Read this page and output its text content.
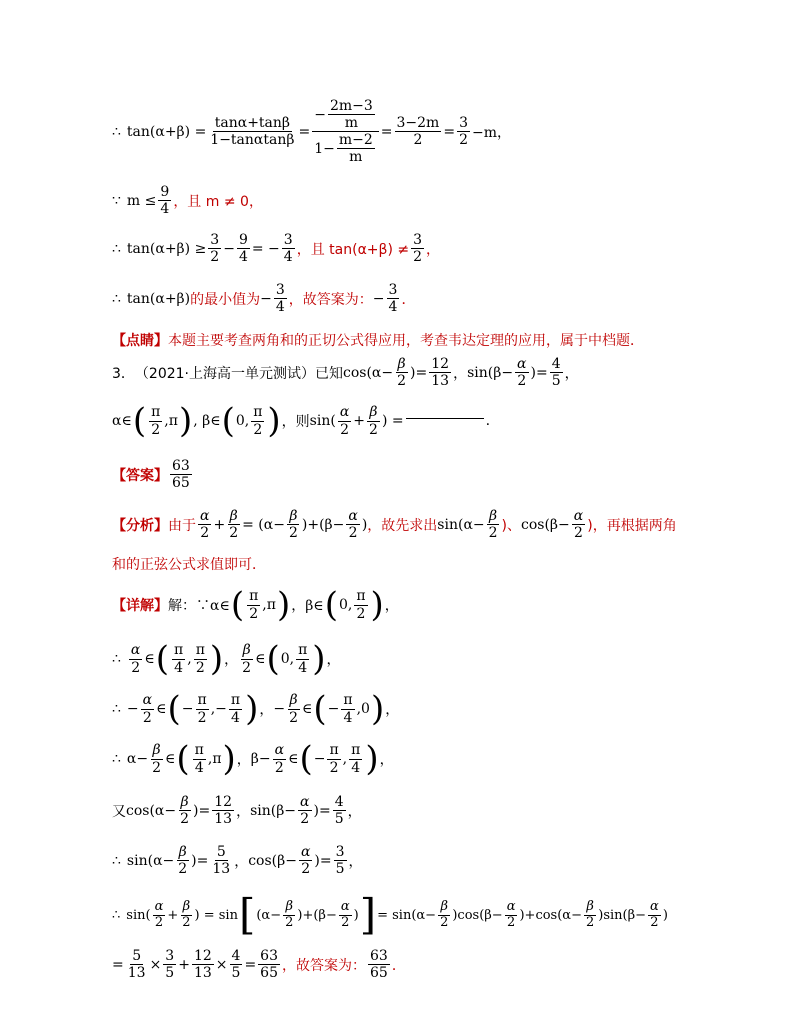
∴ $\tan(\alpha+\beta) = \frac{\tan\alpha+\tan\beta}{1-\tan\alpha\tan\beta} = \frac{- \frac{2m-3}{m}}{1- \frac{m-2}{m}} = \frac{3-2m}{2} = \frac{3}{2} -m$，
∵ $m \le \frac{9}{4}$ ，且 m ≠ 0，
∴ $\tan(\alpha+\beta) \ge \frac{3}{2} - \frac{9}{4}$ = − $\frac{3}{4}$ ，且 $\tan(\alpha+\beta) \ne \frac{3}{2}$ ，
∴ tan(α+β) 的最小值为 − $\frac{3}{4}$ ，故答案为： − $\frac{3}{4}$ ．
【点睛】 本题主要考查两角和的正切公式得应用，考查韦达定理的应用，属于中档题．
3． （2021·上海高一单元测试）已知 $\cos(\alpha- \frac{\beta}{2}$ )= $\frac{12}{13}$ ， $\sin(\beta- \frac{\alpha}{2}$ )= $\frac{4}{5}$ ，
α∈ ( $\frac{\pi}{2}$ , π ) , β∈ ( 0, $\frac{\pi}{2}$ ) ，则 $\sin( \frac{\alpha}{2} + \frac{\beta}{2}$ ) =	.
【答案】 $\frac{63}{65}$
【分析】 由于 $\frac{\alpha}{2} + \frac{\beta}{2} = (\alpha- \frac{\beta}{2} )+(\beta- \frac{\alpha}{2}$ ) ，故先求出 $\sin(\alpha- \frac{\beta}{2}$ )、 $\cos(\beta- \frac{\alpha}{2}$ )，再根据两角
和的正弦公式求值即可．
【详解】 解：∵α∈ ( $\frac{\pi}{2}$ , π ) ，β∈ ( 0, $\frac{\pi}{2}$ ) ，
∴ $\frac{\alpha}{2}$ ∈ ( $\frac{\pi}{4}$ , $\frac{\pi}{2}$ ) ， $\frac{\beta}{2}$ ∈ ( 0, $\frac{\pi}{4}$ ) ，
∴ − $\frac{\alpha}{2}$ ∈ ( − $\frac{\pi}{2}$ , − $\frac{\pi}{4}$ ) ， − $\frac{\beta}{2}$ ∈ ( − $\frac{\pi}{4}$ , 0 ) ，
∴ $\alpha- \frac{\beta}{2}$ ∈ ( $\frac{\pi}{4}$ , π ) ， $\beta- \frac{\alpha}{2}$ ∈ ( − $\frac{\pi}{2}$ , $\frac{\pi}{4}$ ) ，
又 $\cos(\alpha- \frac{\beta}{2}$ )= $\frac{12}{13}$ ， $\sin(\beta- \frac{\alpha}{2}$ )= $\frac{4}{5}$ ，
∴ $\sin(\alpha- \frac{\beta}{2}$ )= $\frac{5}{13}$ ， $\cos(\beta- \frac{\alpha}{2}$ )= $\frac{3}{5}$ ，
∴ $\sin( \frac{\alpha}{2} + \frac{\beta}{2}$ ) = sin [ $(\alpha- \frac{\beta}{2} )+(\beta- \frac{\alpha}{2}$ ) ] = $\sin(\alpha- \frac{\beta}{2} )\cos(\beta- \frac{\alpha}{2} )+\cos(\alpha- \frac{\beta}{2} )\sin(\beta- \frac{\alpha}{2}$ )
= $\frac{5}{13} \times \frac{3}{5} + \frac{12}{13} \times \frac{4}{5} = \frac{63}{65}$ ，故答案为： $\frac{63}{65}$ ．
